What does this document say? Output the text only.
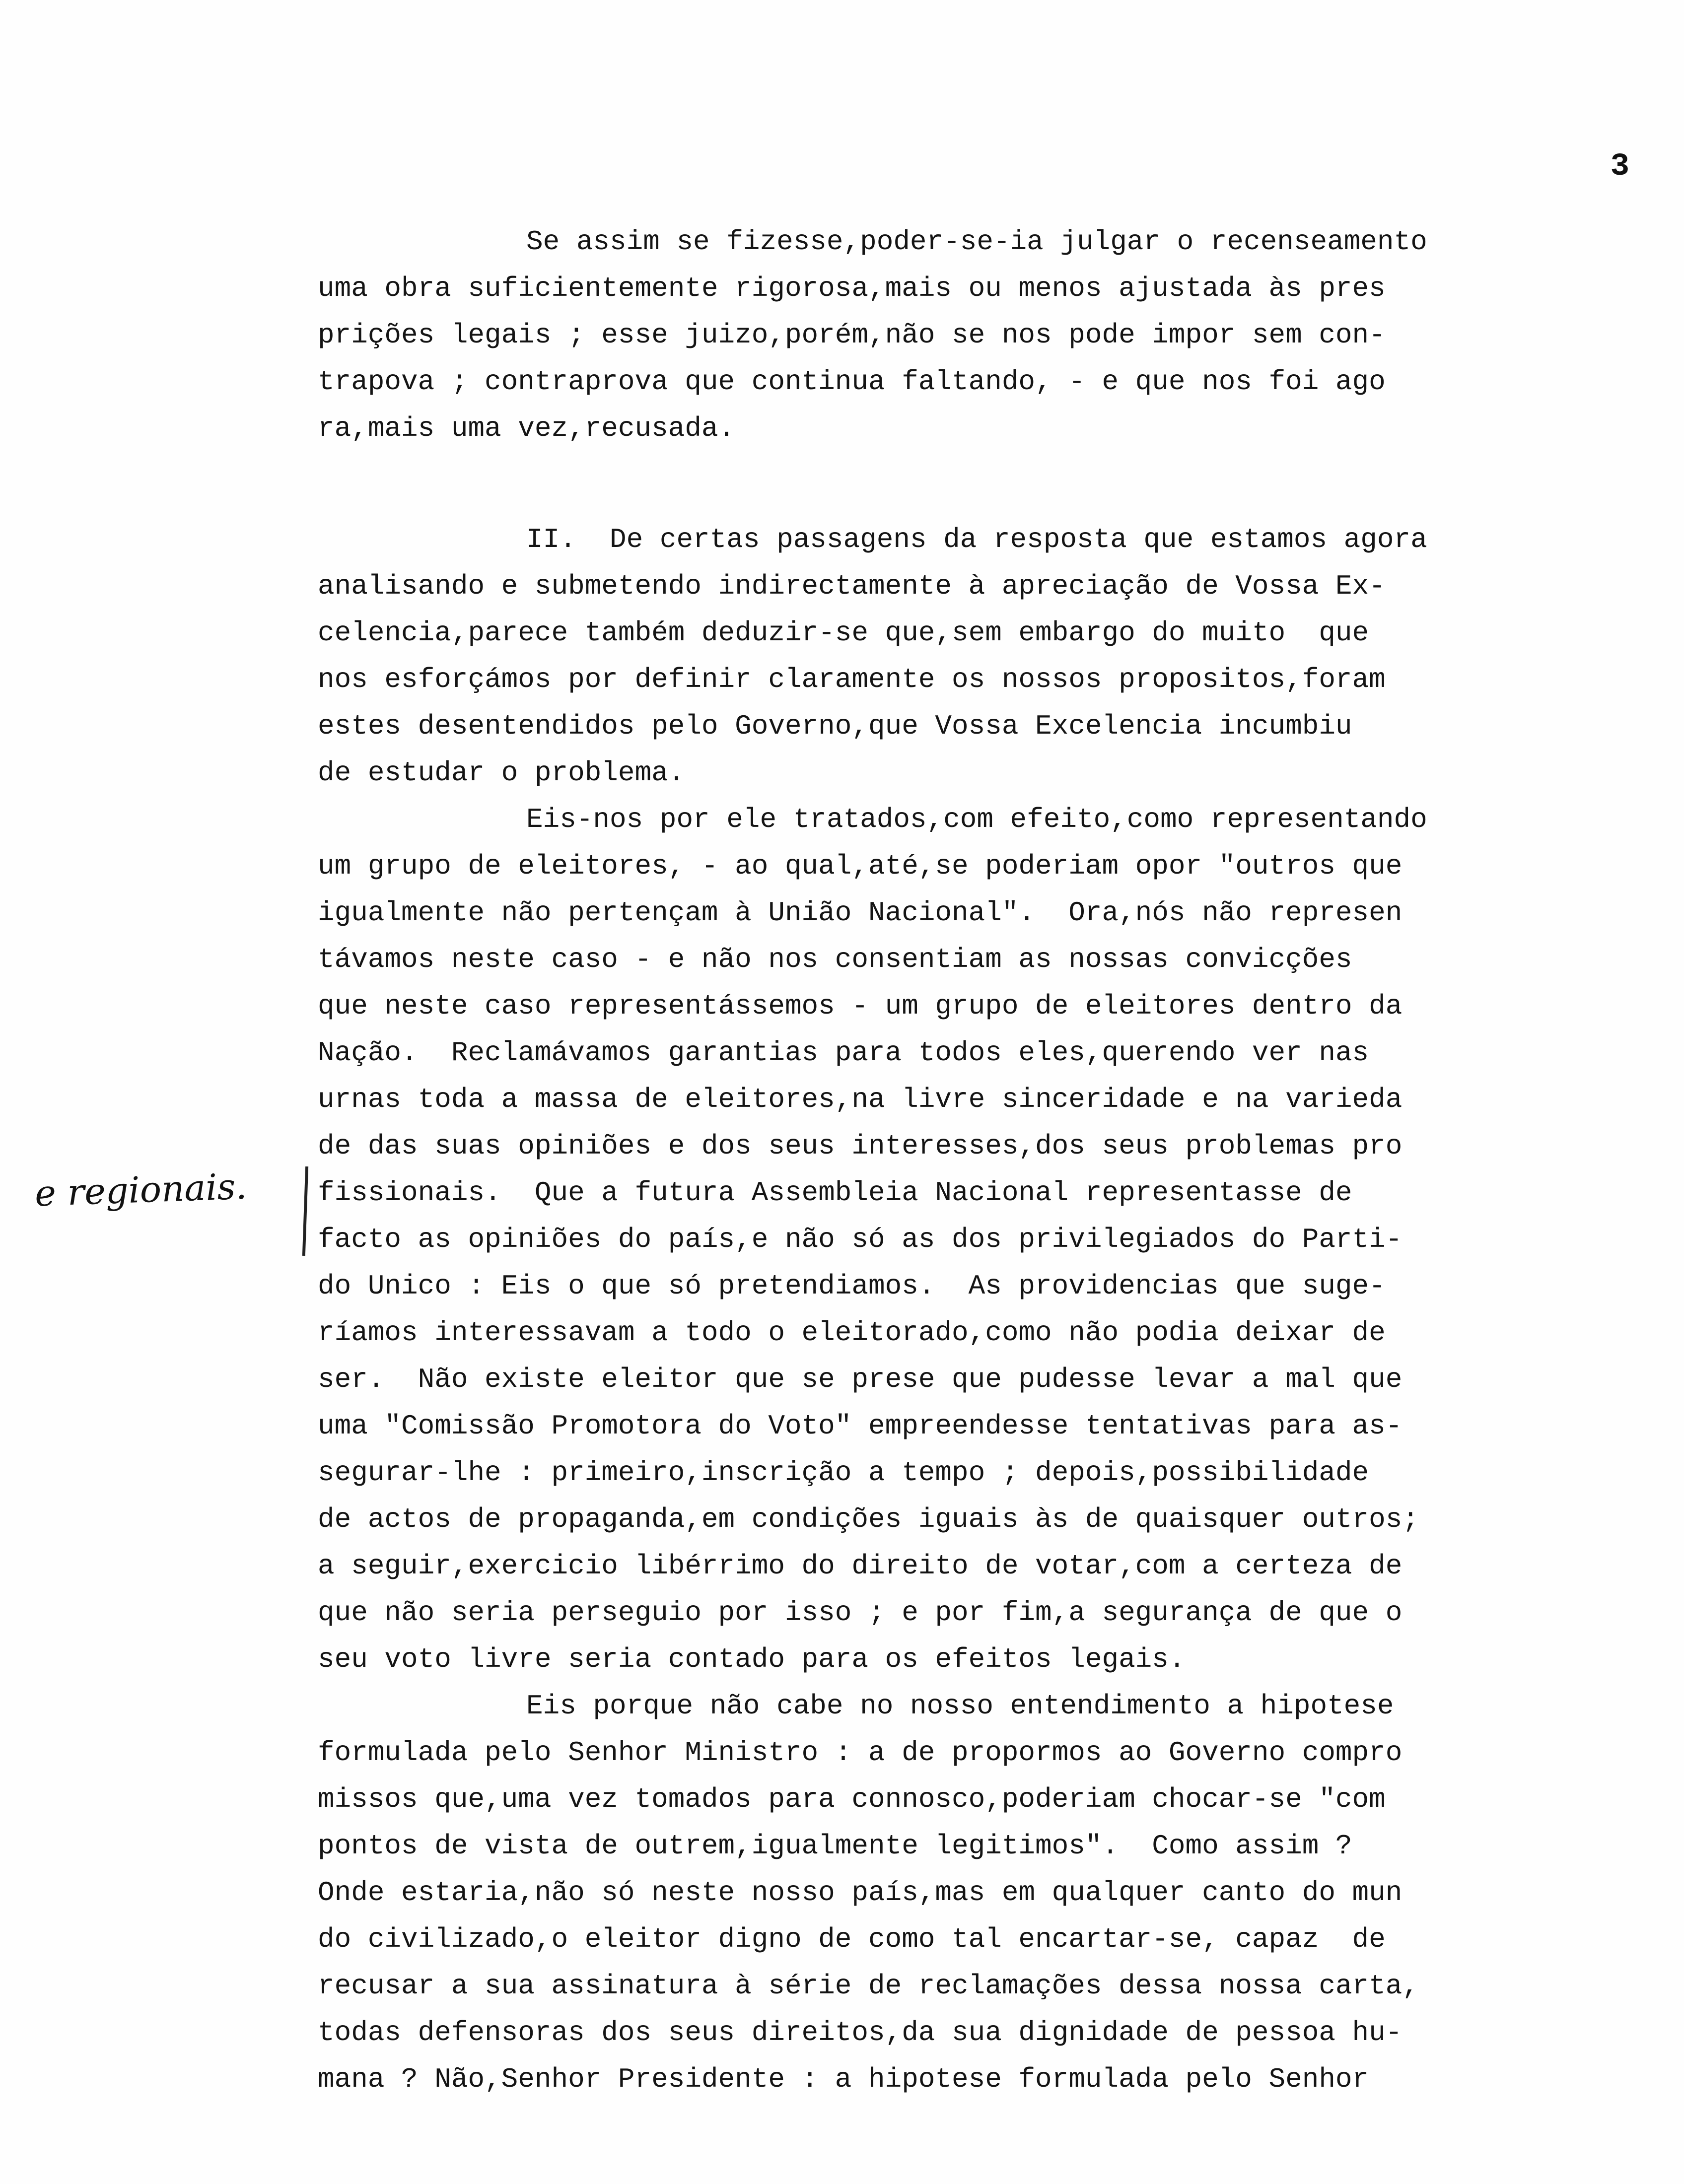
3
e regionais.
Se assim se fizesse,poder-se-ia julgar o recenseamento
uma obra suficientemente rigorosa,mais ou menos ajustada às pres
prições legais ; esse juizo,porém,não se nos pode impor sem con-
trapova ; contraprova que continua faltando, - e que nos foi ago
ra,mais uma vez,recusada.
II.  De certas passagens da resposta que estamos agora
analisando e submetendo indirectamente à apreciação de Vossa Ex-
celencia,parece também deduzir-se que,sem embargo do muito  que
nos esforçámos por definir claramente os nossos propositos,foram
estes desentendidos pelo Governo,que Vossa Excelencia incumbiu
de estudar o problema.
Eis-nos por ele tratados,com efeito,como representando
um grupo de eleitores, - ao qual,até,se poderiam opor "outros que
igualmente não pertençam à União Nacional".  Ora,nós não represen
távamos neste caso - e não nos consentiam as nossas convicções
que neste caso representássemos - um grupo de eleitores dentro da
Nação.  Reclamávamos garantias para todos eles,querendo ver nas
urnas toda a massa de eleitores,na livre sinceridade e na varieda
de das suas opiniões e dos seus interesses,dos seus problemas pro
fissionais.  Que a futura Assembleia Nacional representasse de
facto as opiniões do país,e não só as dos privilegiados do Parti-
do Unico : Eis o que só pretendiamos.  As providencias que suge-
ríamos interessavam a todo o eleitorado,como não podia deixar de
ser.  Não existe eleitor que se prese que pudesse levar a mal que
uma "Comissão Promotora do Voto" empreendesse tentativas para as-
segurar-lhe : primeiro,inscrição a tempo ; depois,possibilidade
de actos de propaganda,em condições iguais às de quaisquer outros;
a seguir,exercicio libérrimo do direito de votar,com a certeza de
que não seria perseguio por isso ; e por fim,a segurança de que o
seu voto livre seria contado para os efeitos legais.
Eis porque não cabe no nosso entendimento a hipotese
formulada pelo Senhor Ministro : a de propormos ao Governo compro
missos que,uma vez tomados para connosco,poderiam chocar-se "com
pontos de vista de outrem,igualmente legitimos".  Como assim ?
Onde estaria,não só neste nosso país,mas em qualquer canto do mun
do civilizado,o eleitor digno de como tal encartar-se, capaz  de
recusar a sua assinatura à série de reclamações dessa nossa carta,
todas defensoras dos seus direitos,da sua dignidade de pessoa hu-
mana ? Não,Senhor Presidente : a hipotese formulada pelo Senhor
